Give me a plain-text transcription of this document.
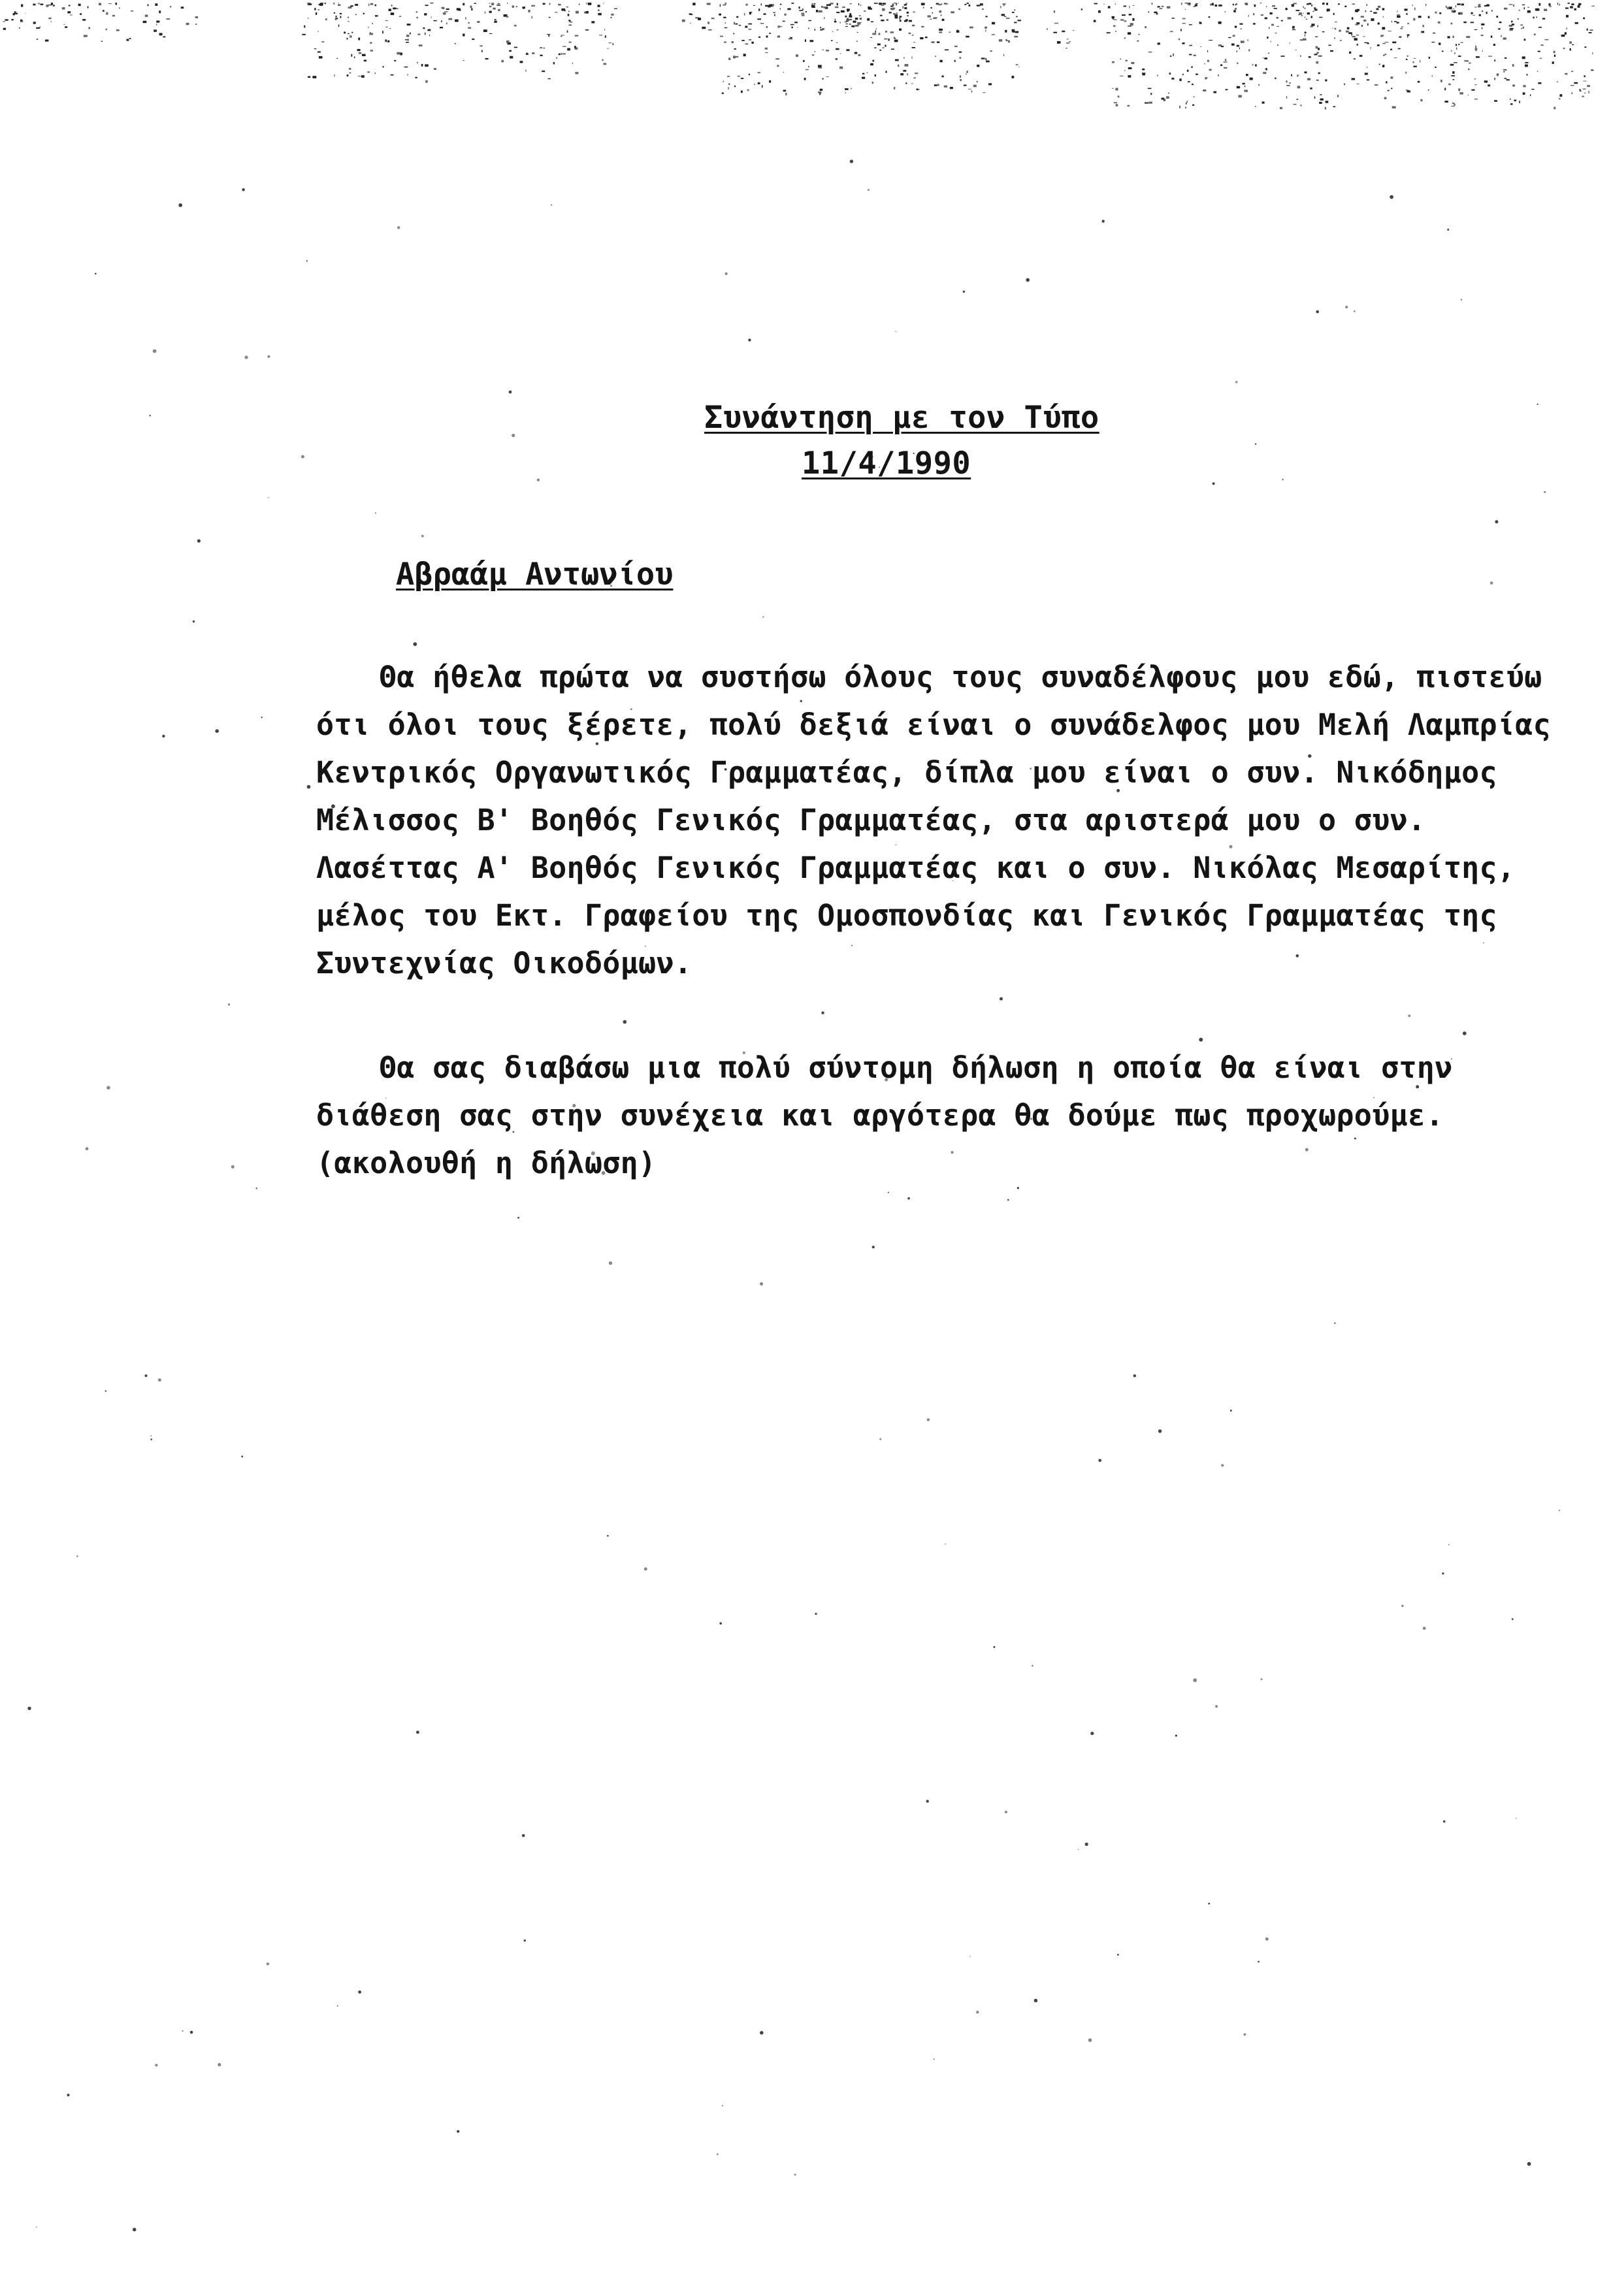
Συνάντηση με τον Τύπο
11/4/1990
Αβραάμ Αντωνίου
Θα ήθελα πρώτα να συστήσω όλους τους συναδέλφους μου εδώ, πιστεύω
ότι όλοι τους ξέρετε, πολύ δεξιά είναι ο συνάδελφος μου Μελή Λαμπρίας
Κεντρικός Οργανωτικός Γραμματέας, δίπλα μου είναι ο συν. Νικόδημος
Μέλισσος Β' Βοηθός Γενικός Γραμματέας, στα αριστερά μου ο συν.
Λασέττας Α' Βοηθός Γενικός Γραμματέας και ο συν. Νικόλας Μεσαρίτης,
μέλος του Εκτ. Γραφείου της Ομοσπονδίας και Γενικός Γραμματέας της
Συντεχνίας Οικοδόμων.
Θα σας διαβάσω μια πολύ σύντομη δήλωση η οποία θα είναι στην
διάθεση σας στην συνέχεια και αργότερα θα δούμε πως προχωρούμε.
(ακολουθή η δήλωση)
